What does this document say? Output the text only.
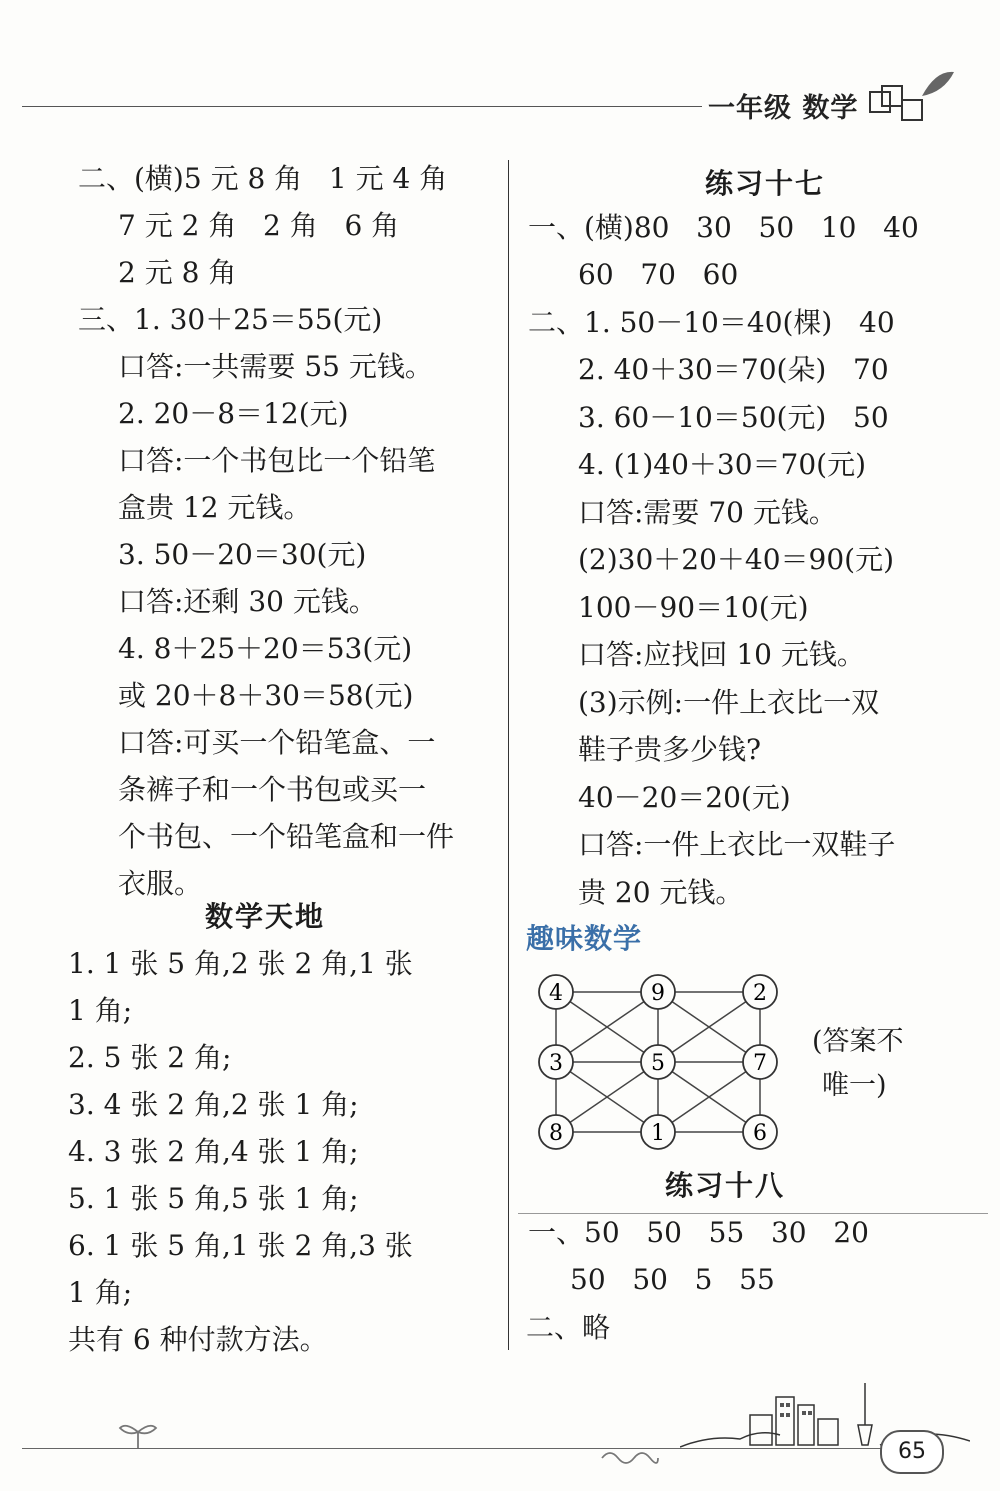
一年级 数学
二、(横)5 元 8 角   1 元 4 角
7 元 2 角   2 角   6 角
2 元 8 角
三、1. 30＋25＝55(元)
口答:一共需要 55 元钱。
2. 20－8＝12(元)
口答:一个书包比一个铅笔
盒贵 12 元钱。
3. 50－20＝30(元)
口答:还剩 30 元钱。
4. 8＋25＋20＝53(元)
或 20＋8＋30＝58(元)
口答:可买一个铅笔盒、一
条裤子和一个书包或买一
个书包、一个铅笔盒和一件
衣服。
数学天地
1. 1 张 5 角,2 张 2 角,1 张
1 角;
2. 5 张 2 角;
3. 4 张 2 角,2 张 1 角;
4. 3 张 2 角,4 张 1 角;
5. 1 张 5 角,5 张 1 角;
6. 1 张 5 角,1 张 2 角,3 张
1 角;
共有 6 种付款方法。
练习十七
一、(横)80   30   50   10   40
60   70   60
二、1. 50－10＝40(棵)   40
2. 40＋30＝70(朵)   70
3. 60－10＝50(元)   50
4. (1)40＋30＝70(元)
口答:需要 70 元钱。
(2)30＋20＋40＝90(元)
100－90＝10(元)
口答:应找回 10 元钱。
(3)示例:一件上衣比一双
鞋子贵多少钱?
40－20＝20(元)
口答:一件上衣比一双鞋子
贵 20 元钱。
趣味数学
4	9	2
3	5	7
8	1	6
(答案不
唯一)
练习十八
一、50   50   55   30   20
50   50   5   55
二、略
65
